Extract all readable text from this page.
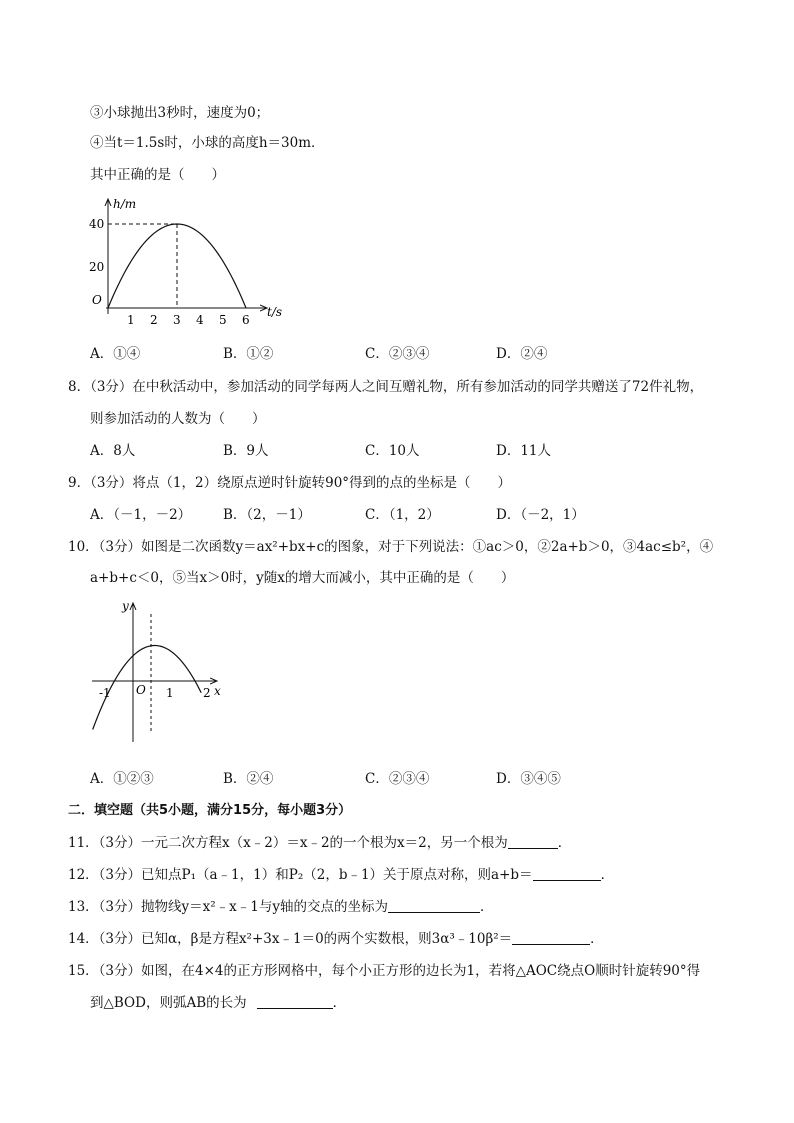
③小球抛出3秒时，速度为0；
④当t＝1.5s时，小球的高度h＝30m．
其中正确的是（　　）
h/m
t/s
O
40
20
1 2 3 4 5 6
A．①④	B．①②	C．②③④	D．②④
8．（3分）在中秋活动中，参加活动的同学每两人之间互赠礼物，所有参加活动的同学共赠送了72件礼物，
则参加活动的人数为（　　）
A．8人	B．9人	C．10人	D．11人
9．（3分）将点（1，2）绕原点逆时针旋转90°得到的点的坐标是（　　）
A．（－1，－2） B．（2，－1）	C．（1，2）	D．（－2，1）
10．（3分）如图是二次函数y＝ax²+bx+c的图象，对于下列说法：①ac＞0，②2a+b＞0，③4ac≤b²，④
a+b+c＜0，⑤当x＞0时，y随x的增大而减小，其中正确的是（　　）
y
x
O
-1	1 2
A．①②③	B．②④	C．②③④	D．③④⑤
二．填空题（共5小题，满分15分，每小题3分）
11．（3分）一元二次方程x（x﹣2）＝x﹣2的一个根为x＝2，另一个根为	．
12．（3分）已知点P₁（a﹣1，1）和P₂（2，b﹣1）关于原点对称，则a+b＝	．
13．（3分）抛物线y＝x²﹣x﹣1与y轴的交点的坐标为	．
14．（3分）已知α，β是方程x²+3x﹣1＝0的两个实数根，则3α³﹣10β²＝	．
15．（3分）如图，在4×4的正方形网格中，每个小正方形的边长为1，若将△AOC绕点O顺时针旋转90°得
到△BOD，则弧AB的长为	．
